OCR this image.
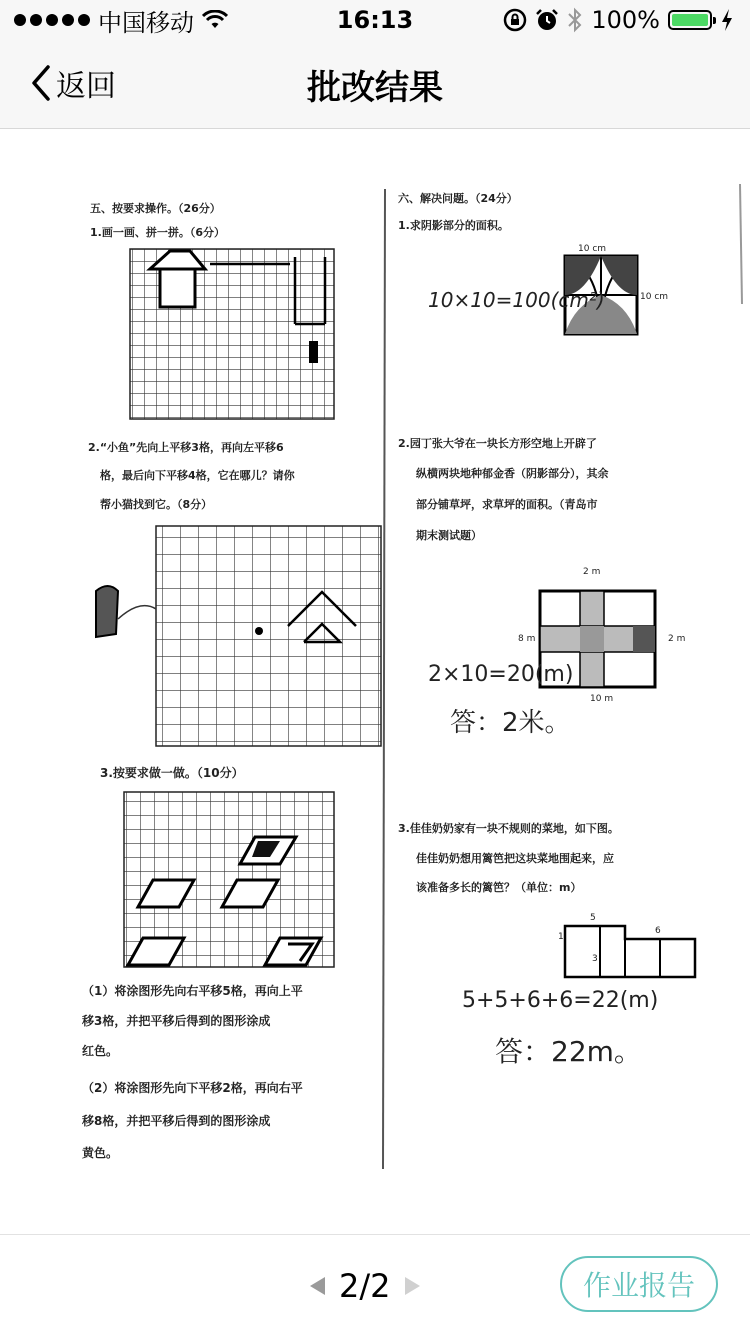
中国移动	16:13	100%
返回	批改结果
五、按要求操作。（26分）
1.画一画、拼一拼。（6分）
2.“小鱼”先向上平移3格，再向左平移6
格，最后向下平移4格，它在哪儿？请你
帮小猫找到它。（8分）
3.按要求做一做。（10分）
（1）将涂图形先向右平移5格，再向上平
移3格，并把平移后得到的图形涂成
红色。
（2）将涂图形先向下平移2格，再向右平
移8格，并把平移后得到的图形涂成
黄色。
六、解决问题。（24分）
1.求阴影部分的面积。
10 cm
10 cm
10×10=100(cm²)
2.园丁张大爷在一块长方形空地上开辟了
纵横两块地种郁金香（阴影部分），其余
部分铺草坪，求草坪的面积。（青岛市
期末测试题）
2 m
8 m	2 m
10 m
2×10=20(m)
答：2米。
3.佳佳奶奶家有一块不规则的菜地，如下图。
佳佳奶奶想用篱笆把这块菜地围起来，应
该准备多长的篱笆？（单位：m）
5
6
3
1
5+5+6+6=22(m)
答：22m。
2/2	作业报告
